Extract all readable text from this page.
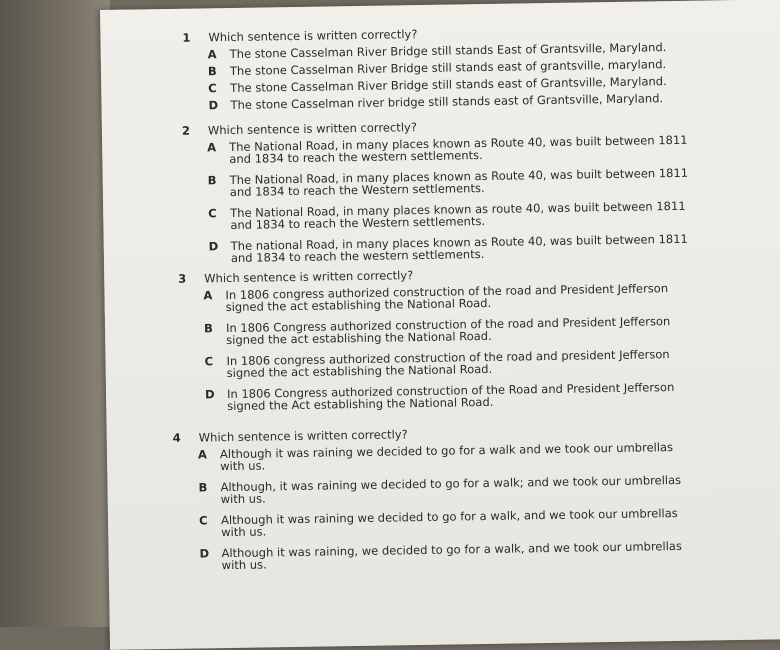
1	Which sentence is written correctly?
A The stone Casselman River Bridge still stands East of Grantsville, Maryland.
B The stone Casselman River Bridge still stands east of grantsville, maryland.
C The stone Casselman River Bridge still stands east of Grantsville, Maryland.
D The stone Casselman river bridge still stands east of Grantsville, Maryland.
2	Which sentence is written correctly?
A The National Road, in many places known as Route 40, was built between 1811 and 1834 to reach the western settlements.
B The National Road, in many places known as Route 40, was built between 1811 and 1834 to reach the Western settlements.
C The National Road, in many places known as route 40, was built between 1811 and 1834 to reach the Western settlements.
D The national Road, in many places known as Route 40, was built between 1811 and 1834 to reach the western settlements.
3	Which sentence is written correctly?
A In 1806 congress authorized construction of the road and President Jefferson signed the act establishing the National Road.
B In 1806 Congress authorized construction of the road and President Jefferson signed the act establishing the National Road.
C In 1806 congress authorized construction of the road and president Jefferson signed the act establishing the National Road.
D In 1806 Congress authorized construction of the Road and President Jefferson signed the Act establishing the National Road.
4	Which sentence is written correctly?
A Although it was raining we decided to go for a walk and we took our umbrellas with us.
B Although, it was raining we decided to go for a walk; and we took our umbrellas with us.
C Although it was raining we decided to go for a walk, and we took our umbrellas with us.
D Although it was raining, we decided to go for a walk, and we took our umbrellas with us.
